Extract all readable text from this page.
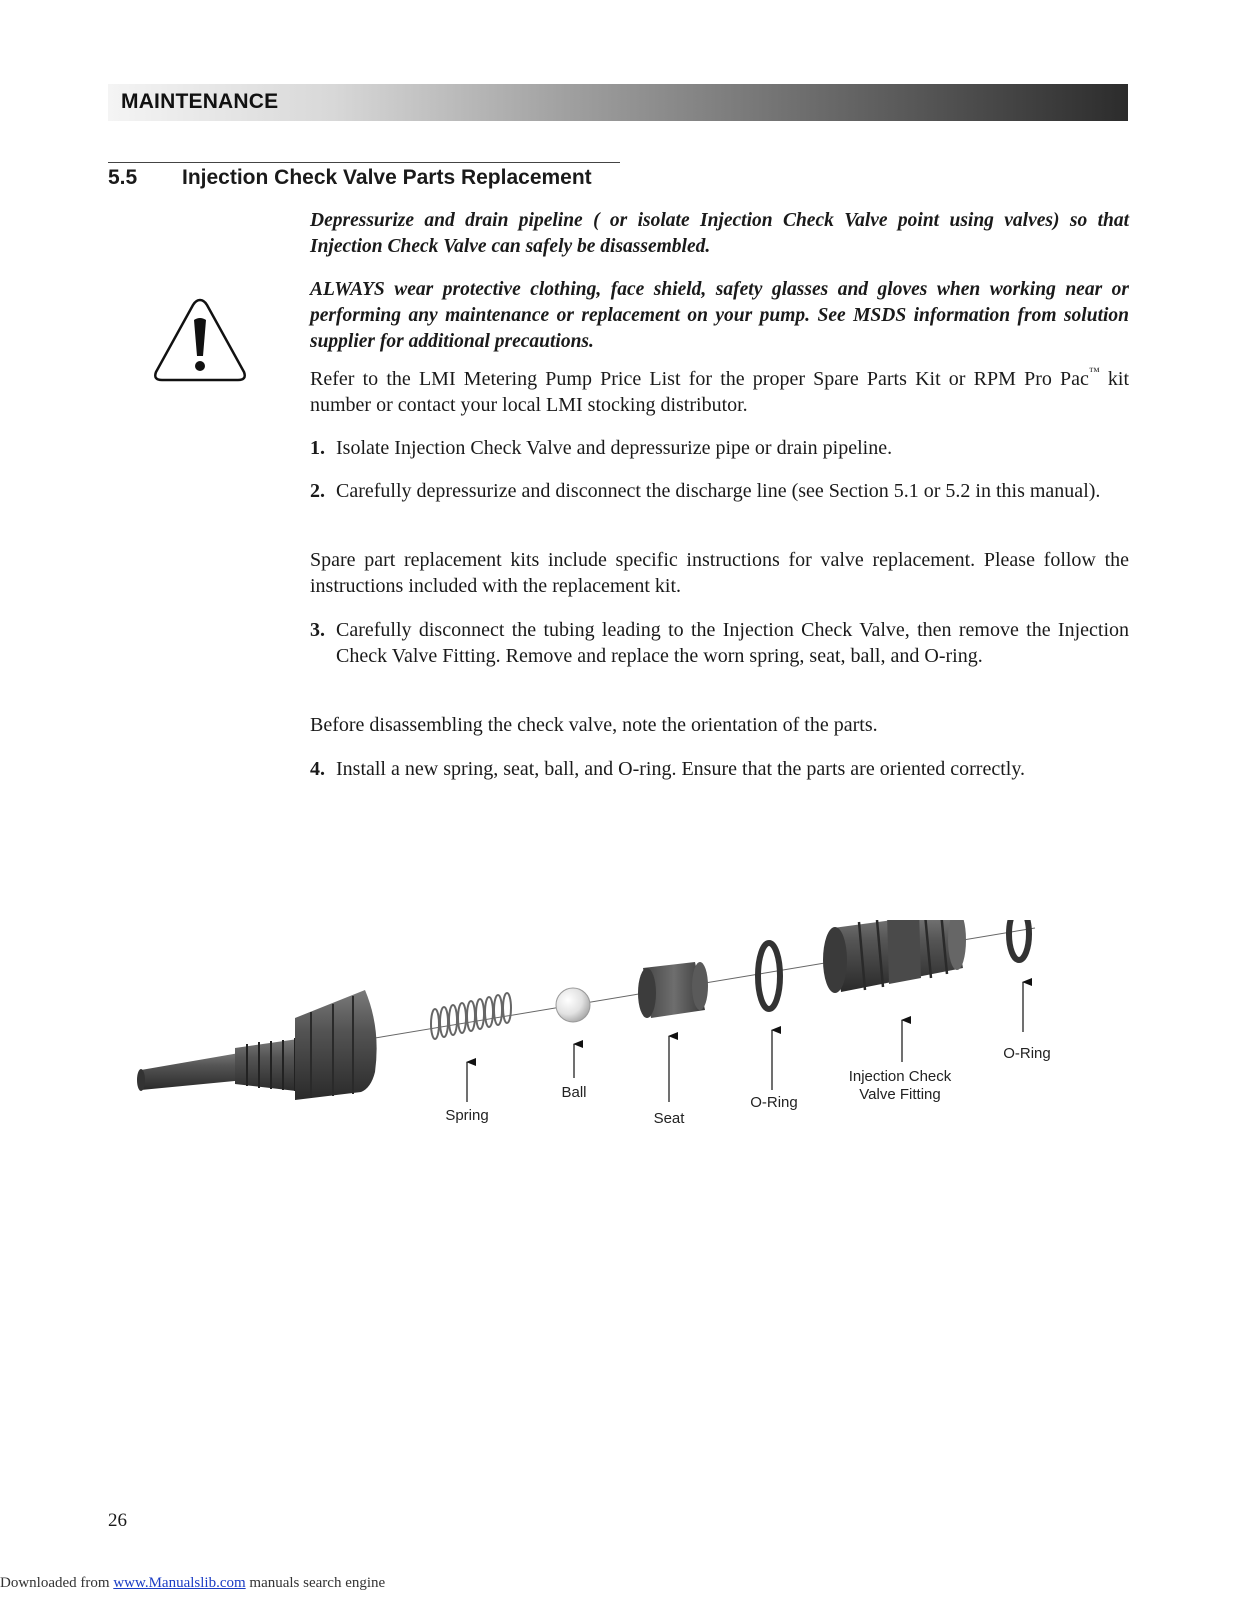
MAINTENANCE
5.5 Injection Check Valve Parts Replacement
Depressurize and drain pipeline ( or isolate Injection Check Valve point using valves) so that Injection Check Valve can safely be disassembled.
ALWAYS wear protective clothing, face shield, safety glasses and gloves when working near or performing any maintenance or replacement on your pump. See MSDS information from solution supplier for additional precautions.
Refer to the LMI Metering Pump Price List for the proper Spare Parts Kit or RPM Pro Pac™ kit number or contact your local LMI stocking distributor.
1. Isolate Injection Check Valve and depressurize pipe or drain pipeline.
2. Carefully depressurize and disconnect the discharge line (see Section 5.1 or 5.2 in this manual).
Spare part replacement kits include specific instructions for valve replacement. Please follow the instructions included with the replacement kit.
3. Carefully disconnect the tubing leading to the Injection Check Valve, then remove the Injection Check Valve Fitting. Remove and replace the worn spring, seat, ball, and O-ring.
Before disassembling the check valve, note the orientation of the parts.
4. Install a new spring, seat, ball, and O-ring. Ensure that the parts are oriented correctly.
Spring
Ball
Seat
O-Ring
Injection Check
Valve Fitting
O-Ring
26
Downloaded from www.Manualslib.com manuals search engine
